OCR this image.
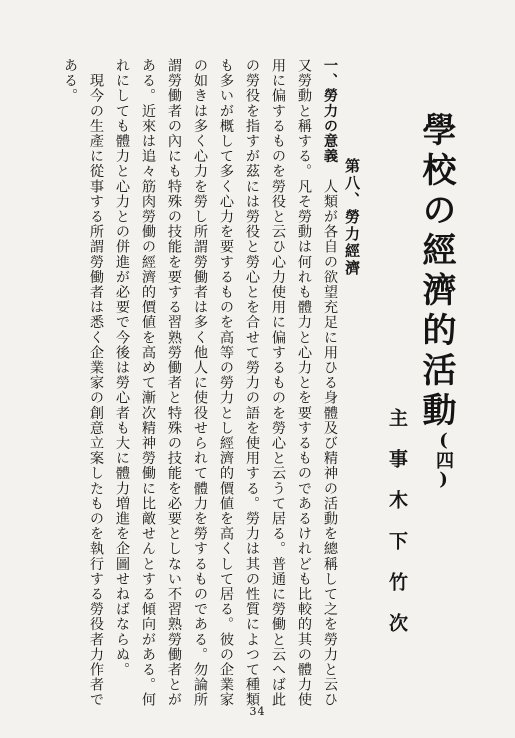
學校の經濟的活動
(四)
主事木下竹次
第八、勞力經濟

一、勞力の意義　人類が各自の欲望充足に用ひる身體及び精神の活動を總稱して之を勞力と云ひ又勞動と稱する。凡そ勞動は何れも體力と心力とを要するものであるけれども比較的其の體力使用に偏するものを勞役と云ひ心力使用に偏するものを勞心と云うて居る。普通に勞働と云へば此の勞役を指すが茲には勞役と勞心とを合せて勞力の語を使用する。勞力は其の性質によつて種類も多いが概して多く心力を要するものを高等の勞力とし經濟的價値を高くして居る。彼の企業家の如きは多く心力を勞し所謂勞働者は多く他人に使役せられて體力を勞するものである。勿論所謂勞働者の內にも特殊の技能を要する習熟勞働者と特殊の技能を必要としない不習熟勞働者とがある。近來は追々筋肉勞働の經濟的價値を高めて漸次精神勞働に比敵せんとする傾向がある。何れにしても體力と心力との併進が必要で今後は勞心者も大に體力増進を企圖せねばならぬ。

　現今の生產に從事する所謂勞働者は悉く企業家の創意立案したものを執行する勞役者力作者である。

34
